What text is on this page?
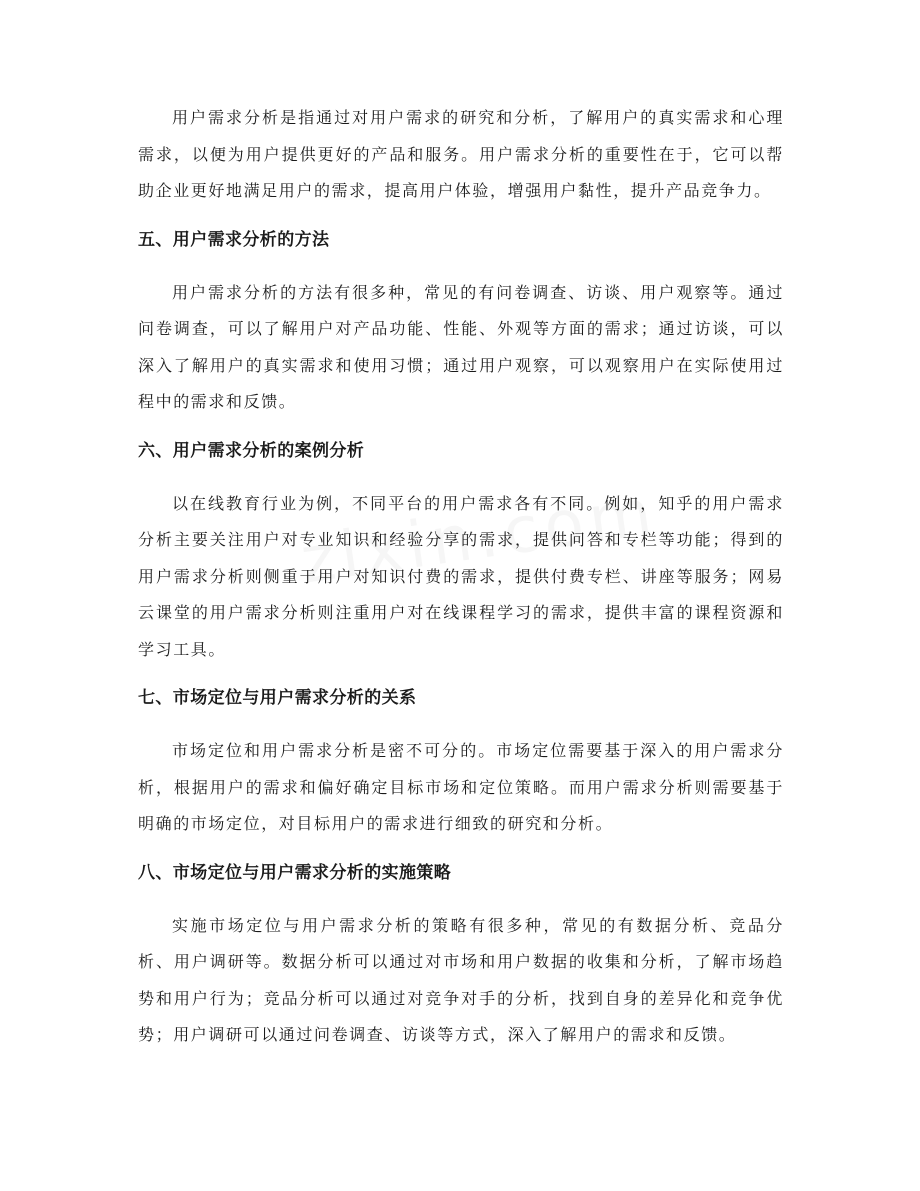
用户需求分析是指通过对用户需求的研究和分析，了解用户的真实需求和心理需求，以便为用户提供更好的产品和服务。用户需求分析的重要性在于，它可以帮助企业更好地满足用户的需求，提高用户体验，增强用户黏性，提升产品竞争力。

五、用户需求分析的方法

用户需求分析的方法有很多种，常见的有问卷调查、访谈、用户观察等。通过问卷调查，可以了解用户对产品功能、性能、外观等方面的需求；通过访谈，可以深入了解用户的真实需求和使用习惯；通过用户观察，可以观察用户在实际使用过程中的需求和反馈。

六、用户需求分析的案例分析

以在线教育行业为例，不同平台的用户需求各有不同。例如，知乎的用户需求分析主要关注用户对专业知识和经验分享的需求，提供问答和专栏等功能；得到的用户需求分析则侧重于用户对知识付费的需求，提供付费专栏、讲座等服务；网易云课堂的用户需求分析则注重用户对在线课程学习的需求，提供丰富的课程资源和学习工具。

七、市场定位与用户需求分析的关系

市场定位和用户需求分析是密不可分的。市场定位需要基于深入的用户需求分析，根据用户的需求和偏好确定目标市场和定位策略。而用户需求分析则需要基于明确的市场定位，对目标用户的需求进行细致的研究和分析。

八、市场定位与用户需求分析的实施策略

实施市场定位与用户需求分析的策略有很多种，常见的有数据分析、竞品分析、用户调研等。数据分析可以通过对市场和用户数据的收集和分析，了解市场趋势和用户行为；竞品分析可以通过对竞争对手的分析，找到自身的差异化和竞争优势；用户调研可以通过问卷调查、访谈等方式，深入了解用户的需求和反馈。
